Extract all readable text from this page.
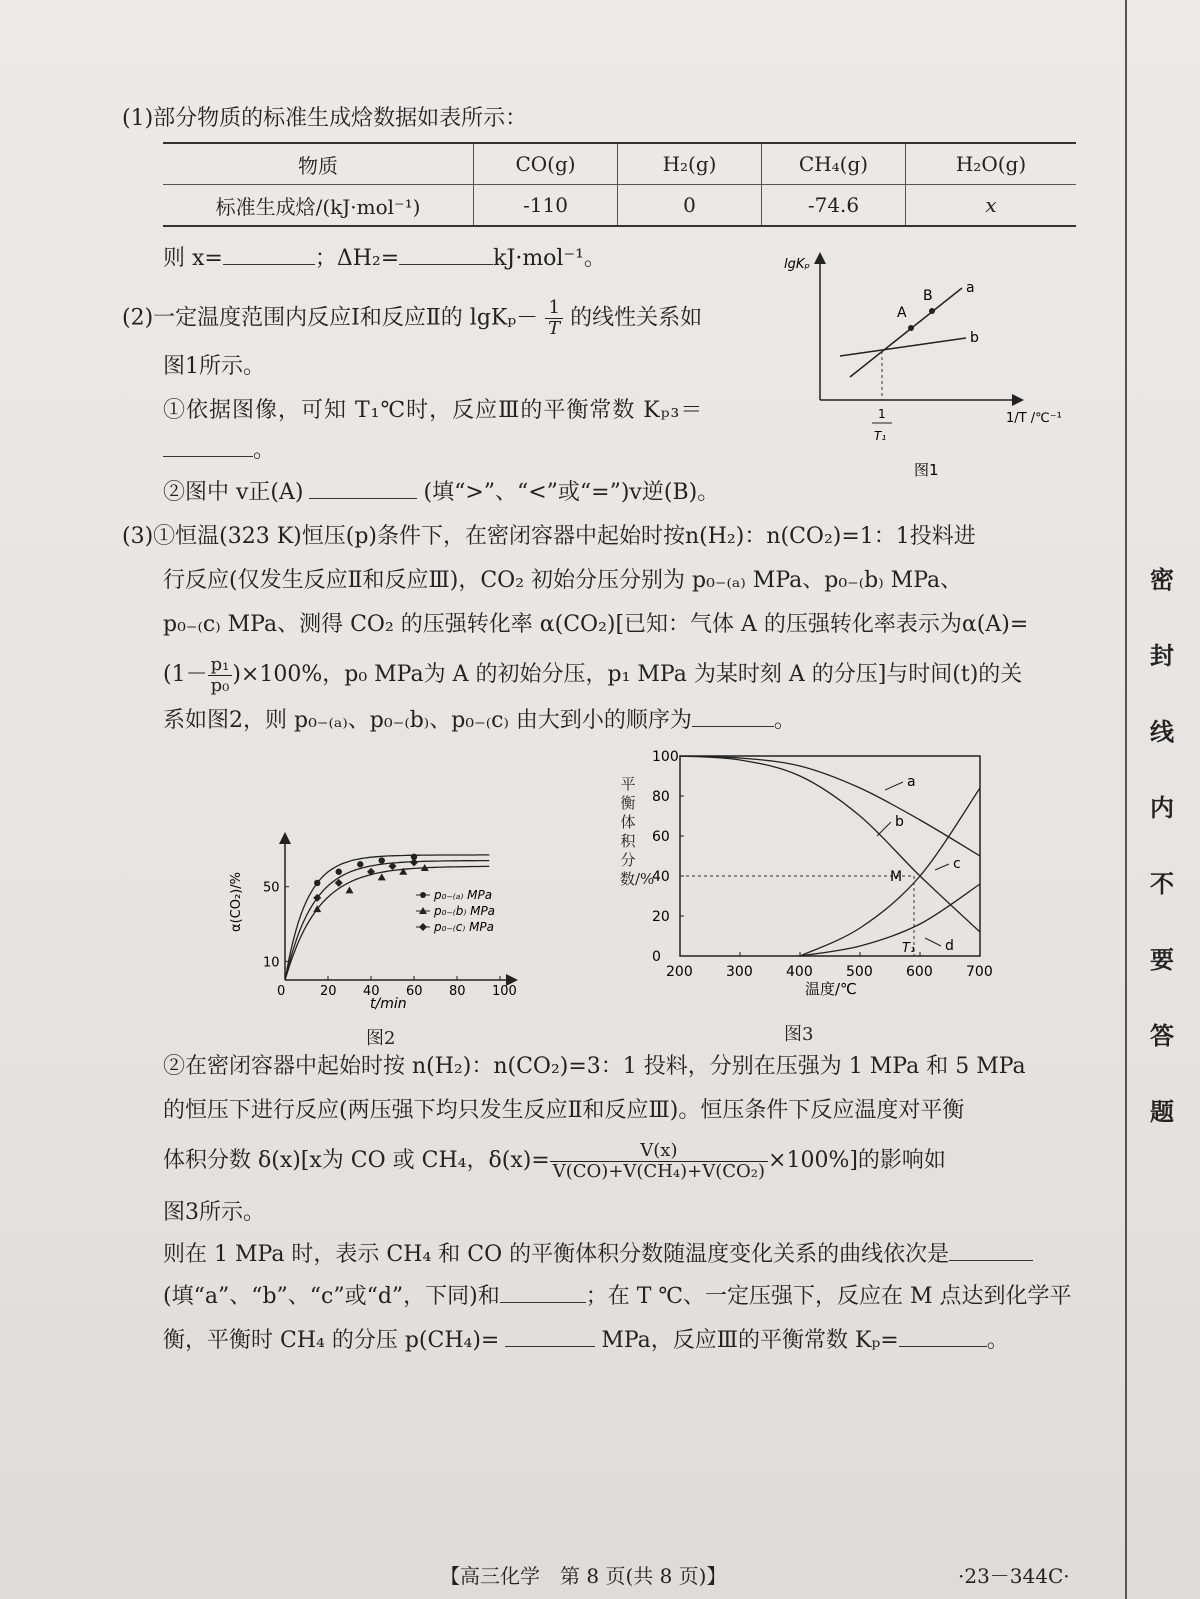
(1)部分物质的标准生成焓数据如表所示：
物质	CO(g)	H₂(g)	CH₄(g)	H₂O(g)
标准生成焓/(kJ·mol⁻¹)	-110	0	-74.6	x
则 x=	；ΔH₂=	kJ·mol⁻¹。
(2)一定温度范围内反应Ⅰ和反应Ⅱ的 $\lg K_p- \frac{1}{T}$ 的线性关系如
图1所示。
①依据图像，可知 T₁℃时，反应Ⅲ的平衡常数 Kₚ₃＝
。
②图中 v正(A)	(填“>”、“<”或“=”)v逆(B)。
lgKₚ
1/T /℃⁻¹
A
B a
b
1
T₁
图1
(3)①恒温(323 K)恒压(p)条件下，在密闭容器中起始时按n(H₂)：n(CO₂)=1：1投料进
行反应(仅发生反应Ⅱ和反应Ⅲ)，CO₂ 初始分压分别为 p₀₋₍ₐ₎ MPa、p₀₋₍b₎ MPa、
p₀₋₍c₎ MPa、测得 CO₂ 的压强转化率 α(CO₂)[已知：气体 A 的压强转化率表示为α(A)=
$(1- \frac{\text{p₁}}{\text{p₀}} )\times 100\%$，p₀ MPa为 A 的初始分压，p₁ MPa 为某时刻 A 的分压]与时间(t)的关
系如图2，则 p₀₋₍ₐ₎、p₀₋₍b₎、p₀₋₍c₎ 由大到小的顺序为	。
α(CO₂)/%
t/min
0	20 40 60 80 100
10
50	p₀₋₍ₐ₎ MPa
p₀₋₍b₎ MPa
p₀₋₍c₎ MPa
图2
200 300 400 500 600 700
0
20
40
60
80
100
M
T₁
a
b
c
d
温度/℃
平衡体积分数/%
图3
②在密闭容器中起始时按 n(H₂)：n(CO₂)=3：1 投料，分别在压强为 1 MPa 和 5 MPa
的恒压下进行反应(两压强下均只发生反应Ⅱ和反应Ⅲ)。恒压条件下反应温度对平衡
体积分数 δ(x)[x为 CO 或 CH₄，$\delta(x)= \frac{V(x)}{\text{V(CO)+V(CH₄)+V(CO₂)}} \times 100\%$]的影响如
图3所示。
则在 1 MPa 时，表示 CH₄ 和 CO 的平衡体积分数随温度变化关系的曲线依次是
(填“a”、“b”、“c”或“d”，下同)和	；在 T ℃、一定压强下，反应在 M 点达到化学平
衡，平衡时 CH₄ 的分压 p(CH₄)=	MPa，反应Ⅲ的平衡常数 Kₚ=	。
密
封
线
内
不
要
答
题
【高三化学　第 8 页(共 8 页)】	·23－344C·
